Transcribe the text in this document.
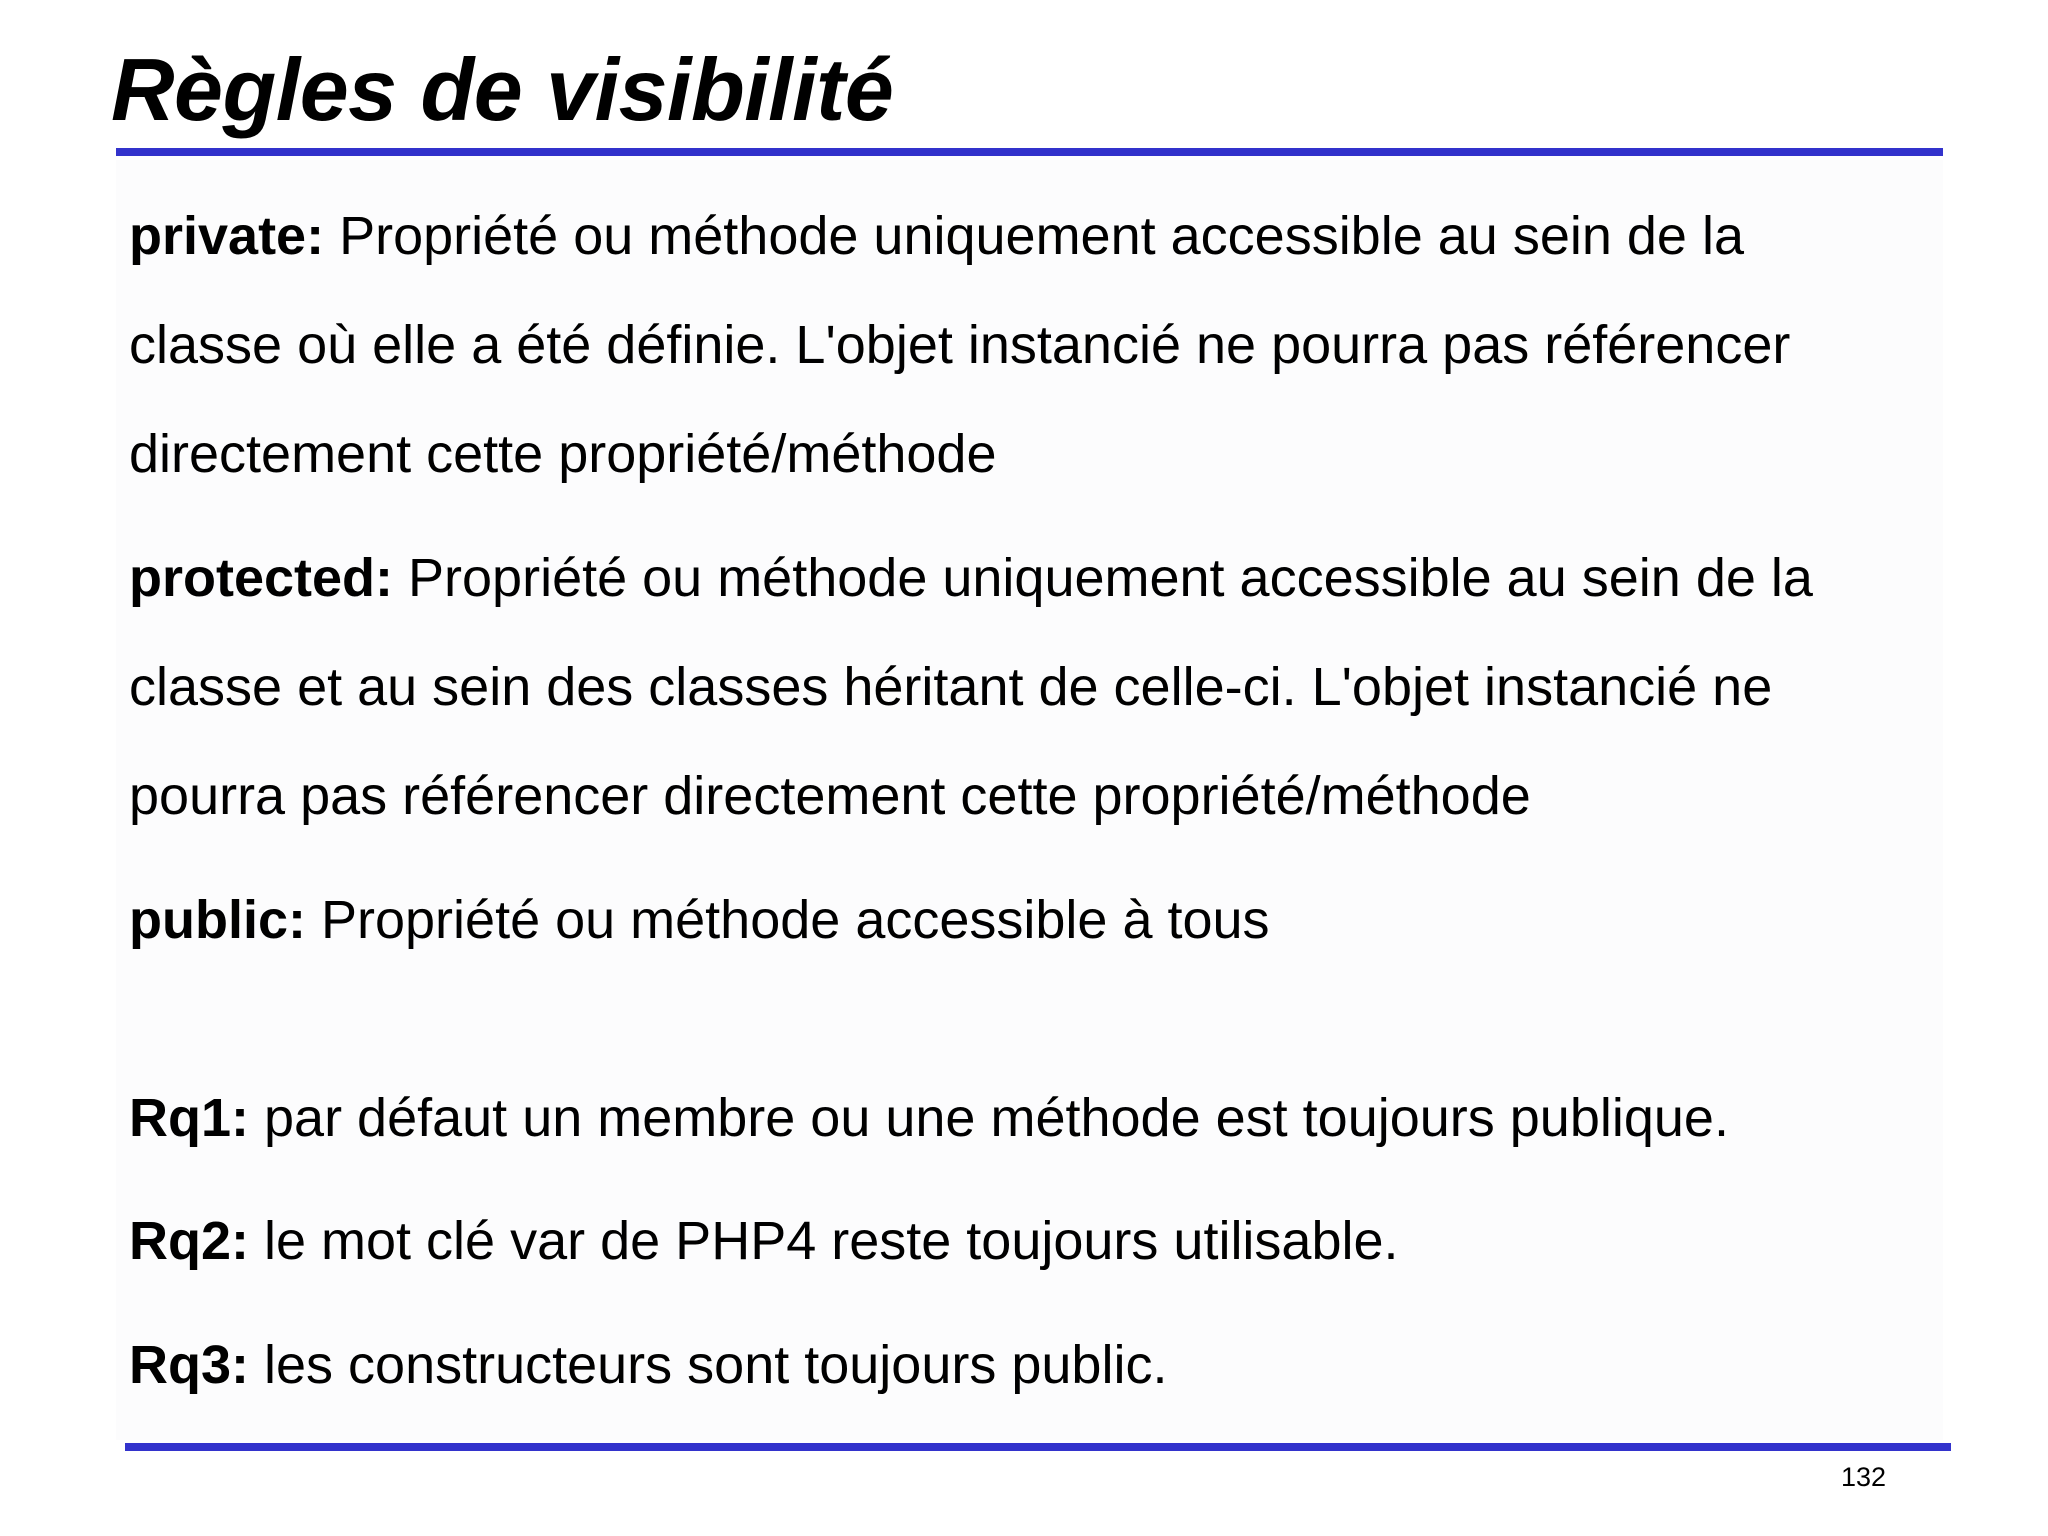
Règles de visibilité
private: Propriété ou méthode uniquement accessible au sein de la
classe où elle a été définie. L'objet instancié ne pourra pas référencer
directement cette propriété/méthode
protected: Propriété ou méthode uniquement accessible au sein de la
classe et au sein des classes héritant de celle-ci. L'objet instancié ne
pourra pas référencer directement cette propriété/méthode
public: Propriété ou méthode accessible à tous
Rq1: par défaut un membre ou une méthode est toujours publique.
Rq2: le mot clé var de PHP4 reste toujours utilisable.
Rq3: les constructeurs sont toujours public.
132
